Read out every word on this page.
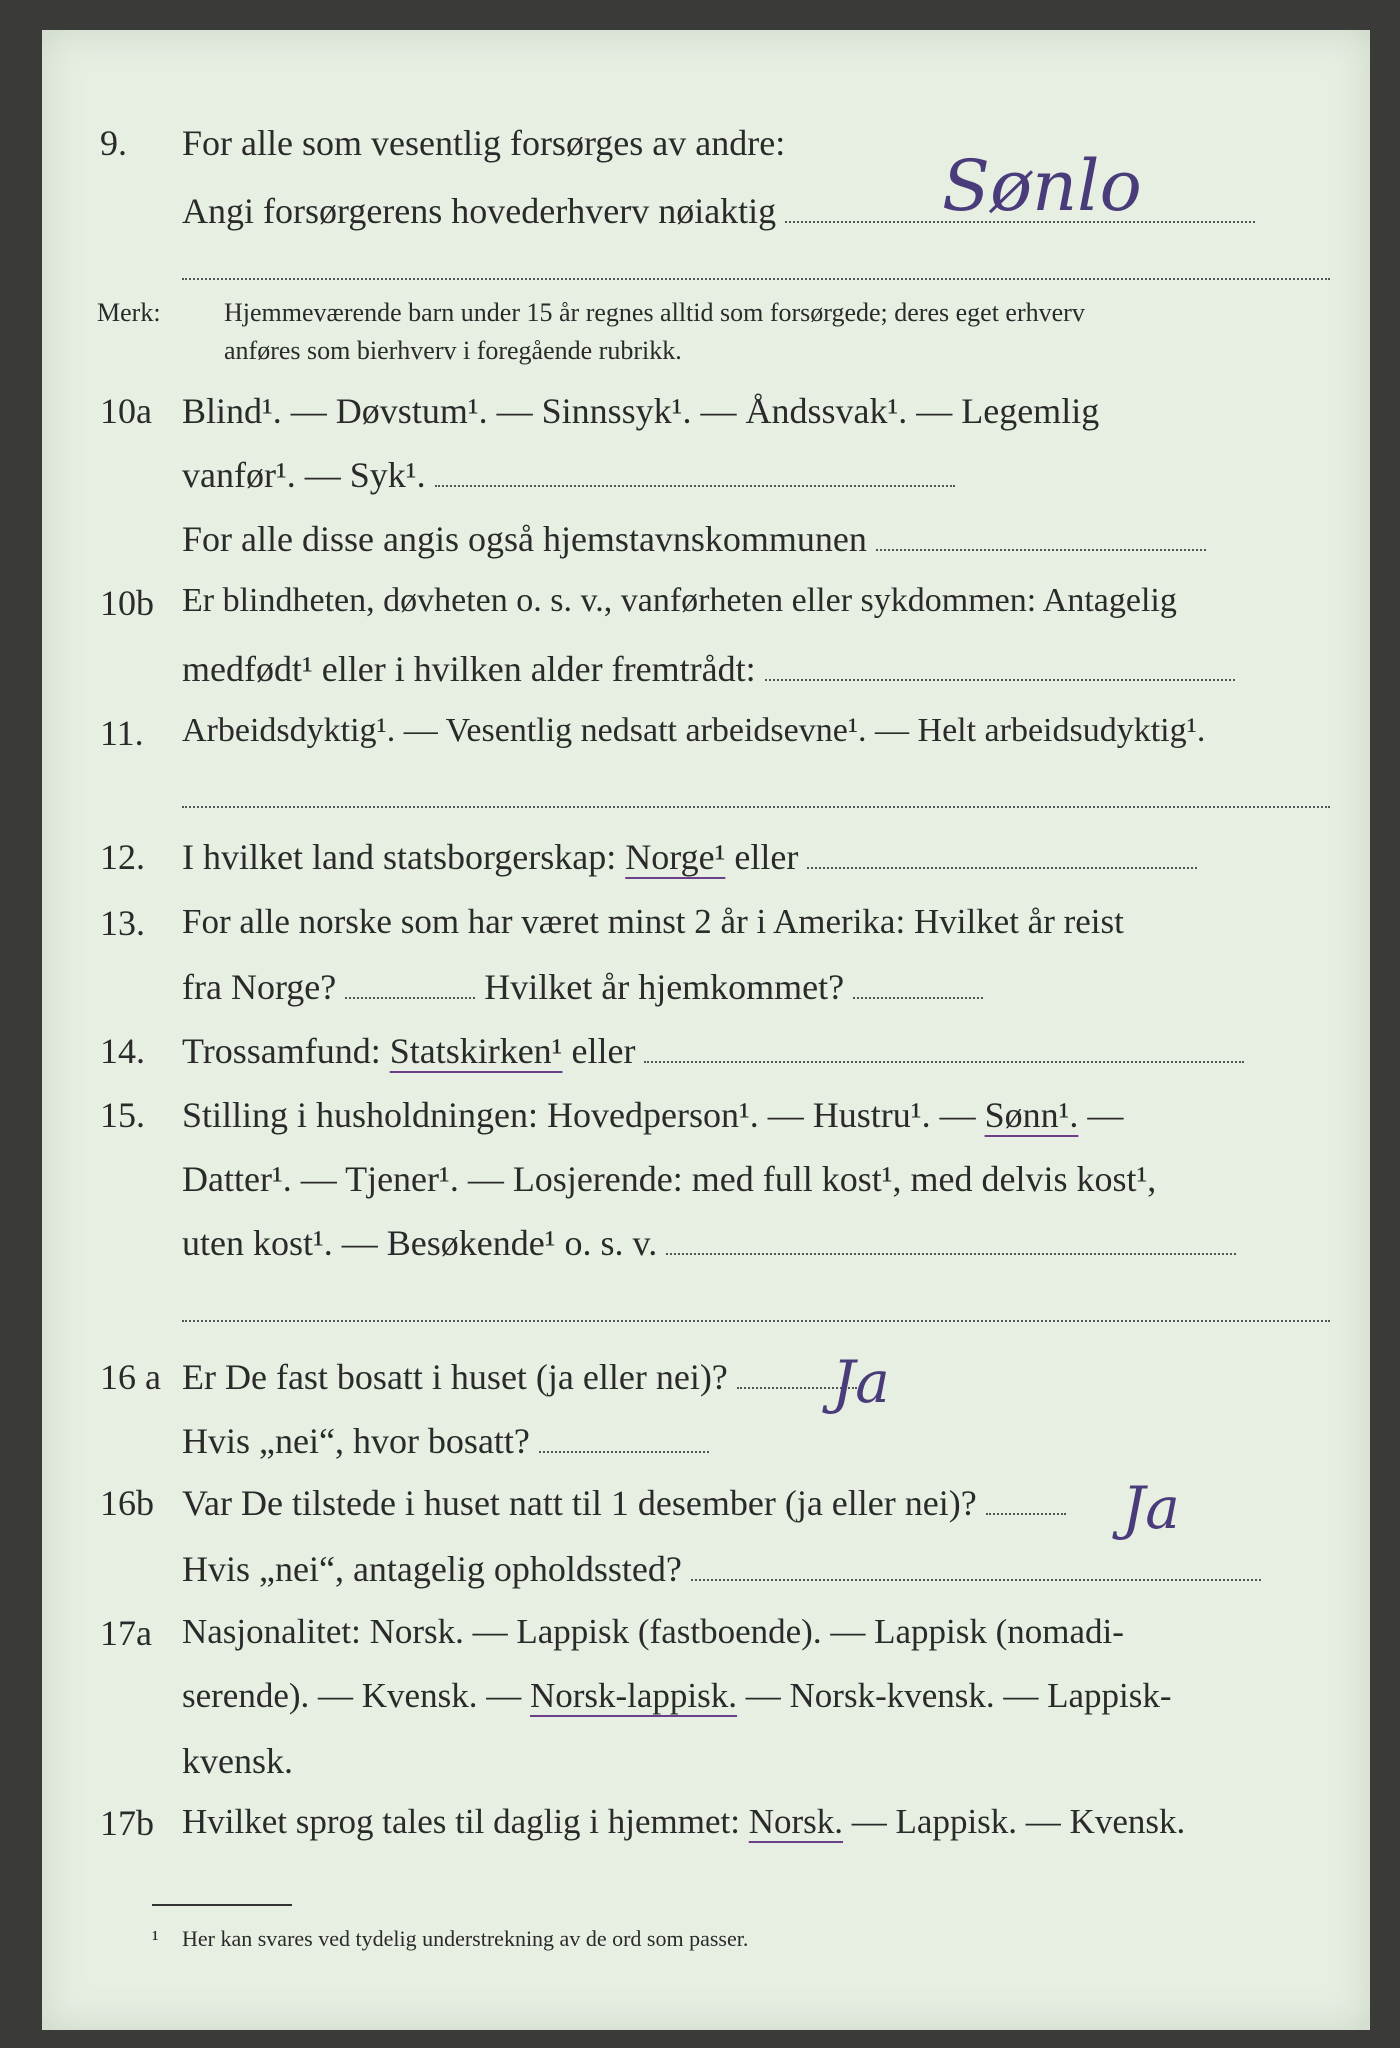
9. For alle som vesentlig forsørges av andre:
Angi forsørgerens hovederhverv nøiaktig	Sønlo
Merk: Hjemmeværende barn under 15 år regnes alltid som forsørgede; deres eget erhverv
anføres som bierhverv i foregående rubrikk.
10a Blind¹. — Døvstum¹. — Sinnssyk¹. — Åndssvak¹. — Legemlig
vanfør¹. — Syk¹.
For alle disse angis også hjemstavnskommunen
10b Er blindheten, døvheten o. s. v., vanførheten eller sykdommen: Antagelig
medfødt¹ eller i hvilken alder fremtrådt:
11. Arbeidsdyktig¹. — Vesentlig nedsatt arbeidsevne¹. — Helt arbeidsudyktig¹.
12. I hvilket land statsborgerskap: Norge¹ eller
13. For alle norske som har været minst 2 år i Amerika: Hvilket år reist
fra Norge?	Hvilket år hjemkommet?
14. Trossamfund: Statskirken¹ eller
15. Stilling i husholdningen: Hovedperson¹. — Hustru¹. — Sønn¹. —
Datter¹. — Tjener¹. — Losjerende: med full kost¹, med delvis kost¹,
uten kost¹. — Besøkende¹ o. s. v.
16 a Er De fast bosatt i huset (ja eller nei)?	Ja
Hvis „nei“, hvor bosatt?
16b Var De tilstede i huset natt til 1 desember (ja eller nei)?	Ja
Hvis „nei“, antagelig opholdssted?
17a Nasjonalitet: Norsk. — Lappisk (fastboende). — Lappisk (nomadi-
serende). — Kvensk. — Norsk-lappisk. — Norsk-kvensk. — Lappisk-
kvensk.
17b Hvilket sprog tales til daglig i hjemmet: Norsk. — Lappisk. — Kvensk.
¹ Her kan svares ved tydelig understrekning av de ord som passer.
